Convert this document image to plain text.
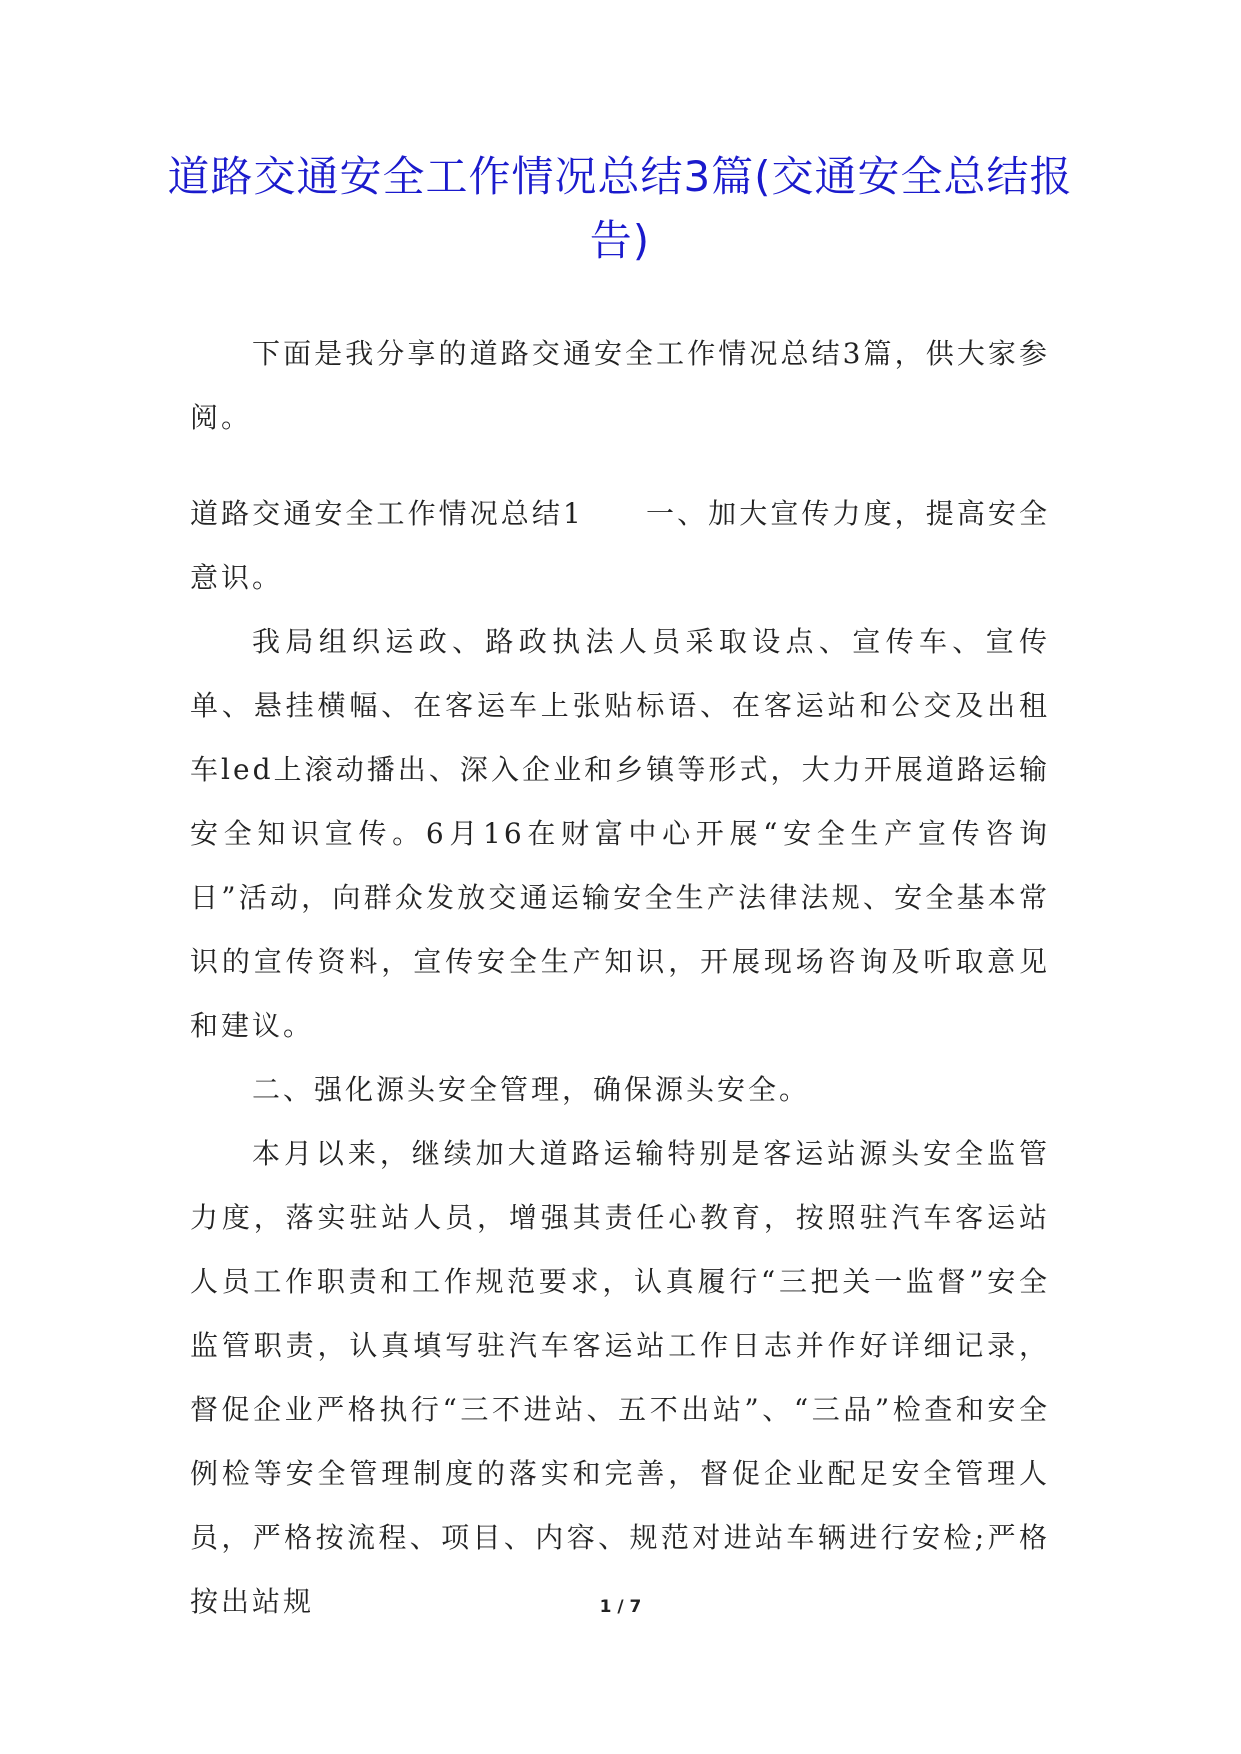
道路交通安全工作情况总结3篇(交通安全总结报告)

下面是我分享的道路交通安全工作情况总结3篇，供大家参阅。

道路交通安全工作情况总结1　　一、加大宣传力度，提高安全意识。

我局组织运政、路政执法人员采取设点、宣传车、宣传单、悬挂横幅、在客运车上张贴标语、在客运站和公交及出租车led上滚动播出、深入企业和乡镇等形式，大力开展道路运输安全知识宣传。6月16在财富中心开展“安全生产宣传咨询日”活动，向群众发放交通运输安全生产法律法规、安全基本常识的宣传资料，宣传安全生产知识，开展现场咨询及听取意见和建议。

二、强化源头安全管理，确保源头安全。

本月以来，继续加大道路运输特别是客运站源头安全监管力度，落实驻站人员，增强其责任心教育，按照驻汽车客运站人员工作职责和工作规范要求，认真履行“三把关一监督”安全监管职责，认真填写驻汽车客运站工作日志并作好详细记录，督促企业严格执行“三不进站、五不出站”、“三品”检查和安全例检等安全管理制度的落实和完善，督促企业配足安全管理人员，严格按流程、项目、内容、规范对进站车辆进行安检;严格按出站规	1 / 7
